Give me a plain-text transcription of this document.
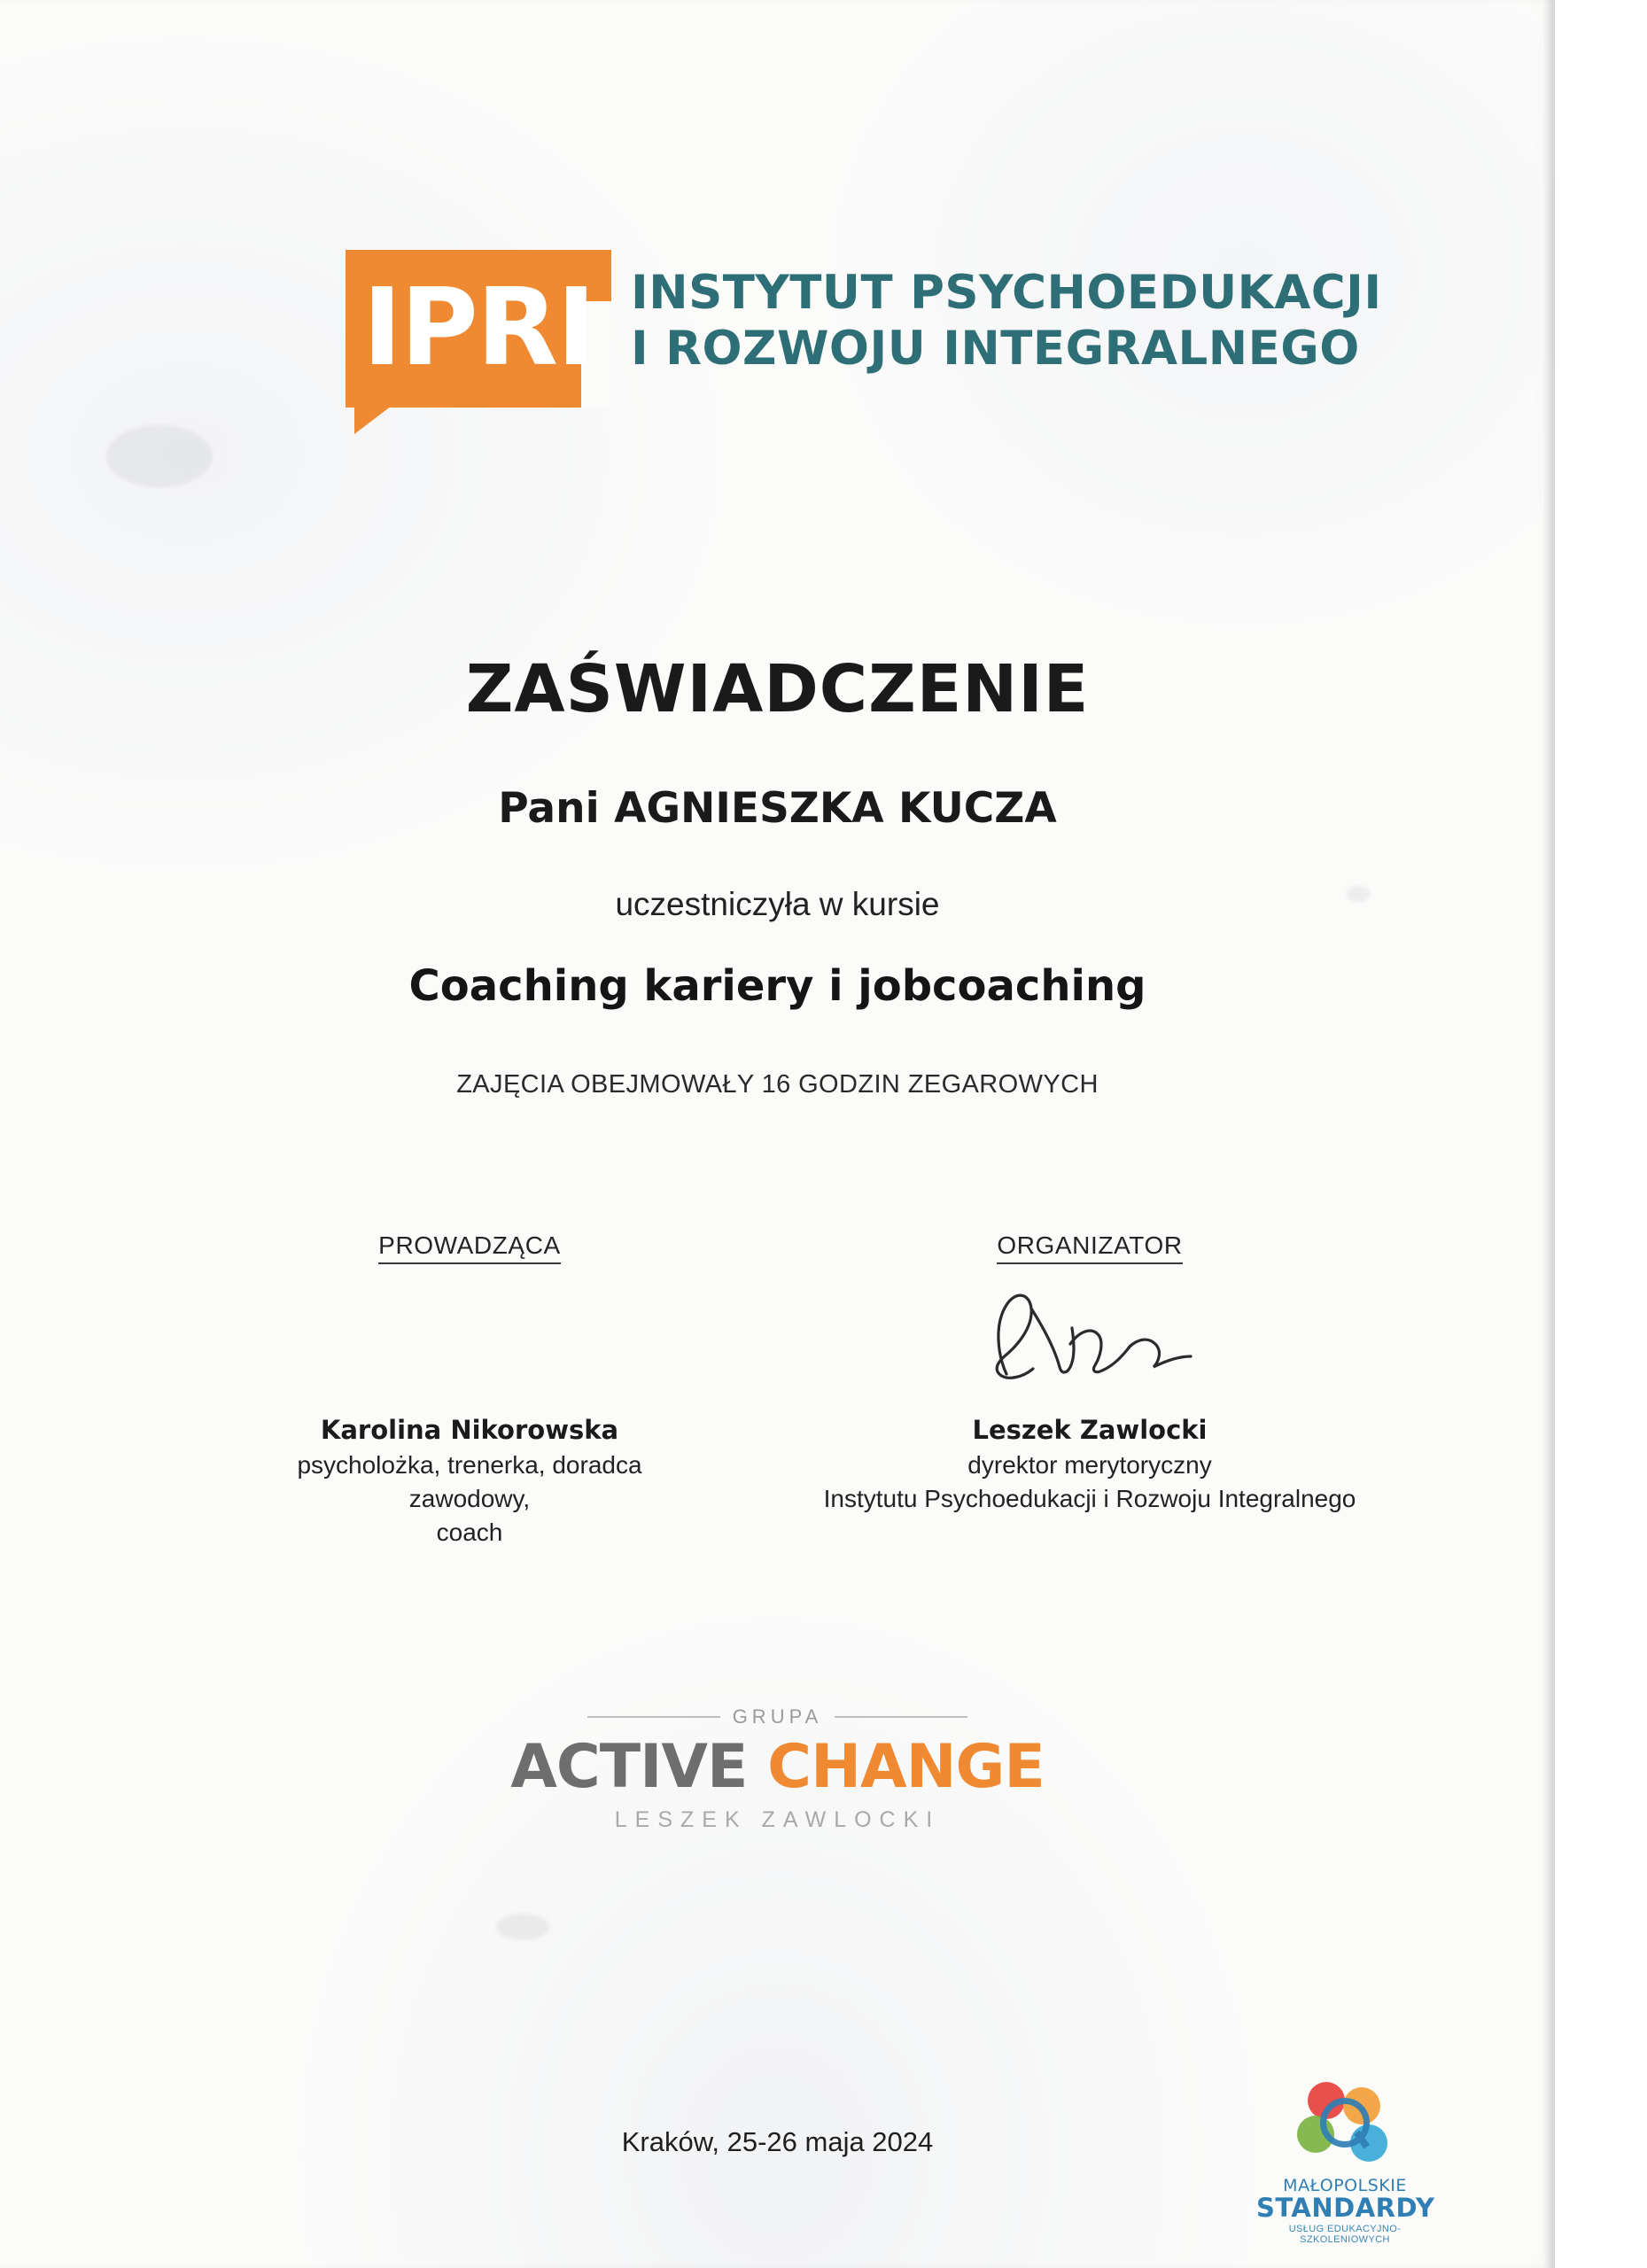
IPRI INSTYTUT PSYCHOEDUKACJI
I ROZWOJU INTEGRALNEGO
ZAŚWIADCZENIE
Pani AGNIESZKA KUCZA
uczestniczyła w kursie
Coaching kariery i jobcoaching
ZAJĘCIA OBEJMOWAŁY 16 GODZIN ZEGAROWYCH
PROWADZĄCA
Karolina Nikorowska
psycholożka, trenerka, doradca zawodowy,
coach
ORGANIZATOR
Leszek Zawlocki
dyrektor merytoryczny
Instytutu Psychoedukacji i Rozwoju Integralnego
GRUPA
ACTIVE CHANGE
LESZEK ZAWLOCKI
Kraków, 25-26 maja 2024
MAŁOPOLSKIE
STANDARDY
USŁUG EDUKACYJNO-SZKOLENIOWYCH
